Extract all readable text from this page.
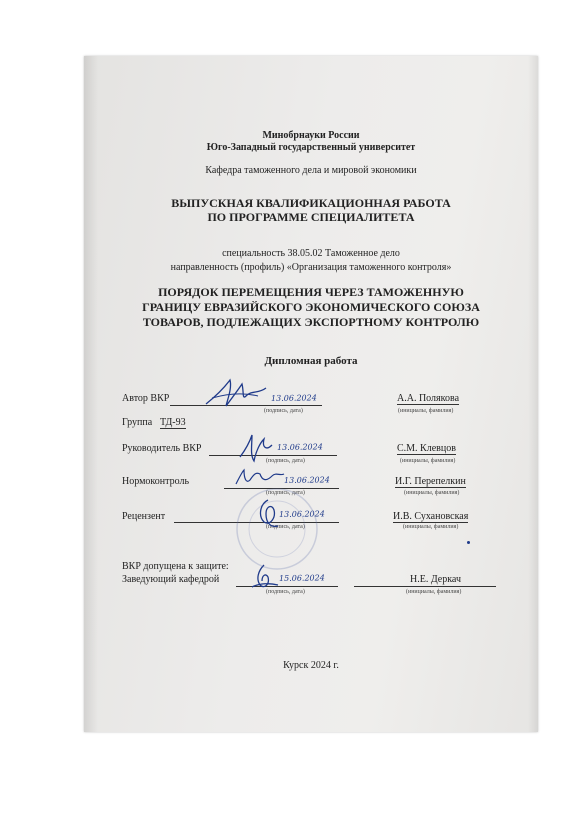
Минобрнауки России
Юго-Западный государственный университет
Кафедра таможенного дела и мировой экономики
ВЫПУСКНАЯ КВАЛИФИКАЦИОННАЯ РАБОТА
ПО ПРОГРАММЕ СПЕЦИАЛИТЕТА
специальность 38.05.02 Таможенное дело
направленность (профиль) «Организация таможенного контроля»
ПОРЯДОК ПЕРЕМЕЩЕНИЯ ЧЕРЕЗ ТАМОЖЕННУЮ
ГРАНИЦУ ЕВРАЗИЙСКОГО ЭКОНОМИЧЕСКОГО СОЮЗА
ТОВАРОВ, ПОДЛЕЖАЩИХ ЭКСПОРТНОМУ КОНТРОЛЮ
Дипломная работа
Автор ВКР
(подпись, дата)
А.А. Полякова
(инициалы, фамилия)
Группа ТД-93
Руководитель ВКР
(подпись, дата)
С.М. Клевцов
(инициалы, фамилия)
Нормоконтроль
(подпись, дата)
И.Г. Перепелкин
(инициалы, фамилия)
Рецензент
(подпись, дата)
И.В. Сухановская
(инициалы, фамилия)
ВКР допущена к защите:
Заведующий кафедрой
(подпись, дата)
Н.Е. Деркач
(инициалы, фамилия)
13.06.2024
13.06.2024
13.06.2024
13.06.2024
15.06.2024
Курск 2024 г.
